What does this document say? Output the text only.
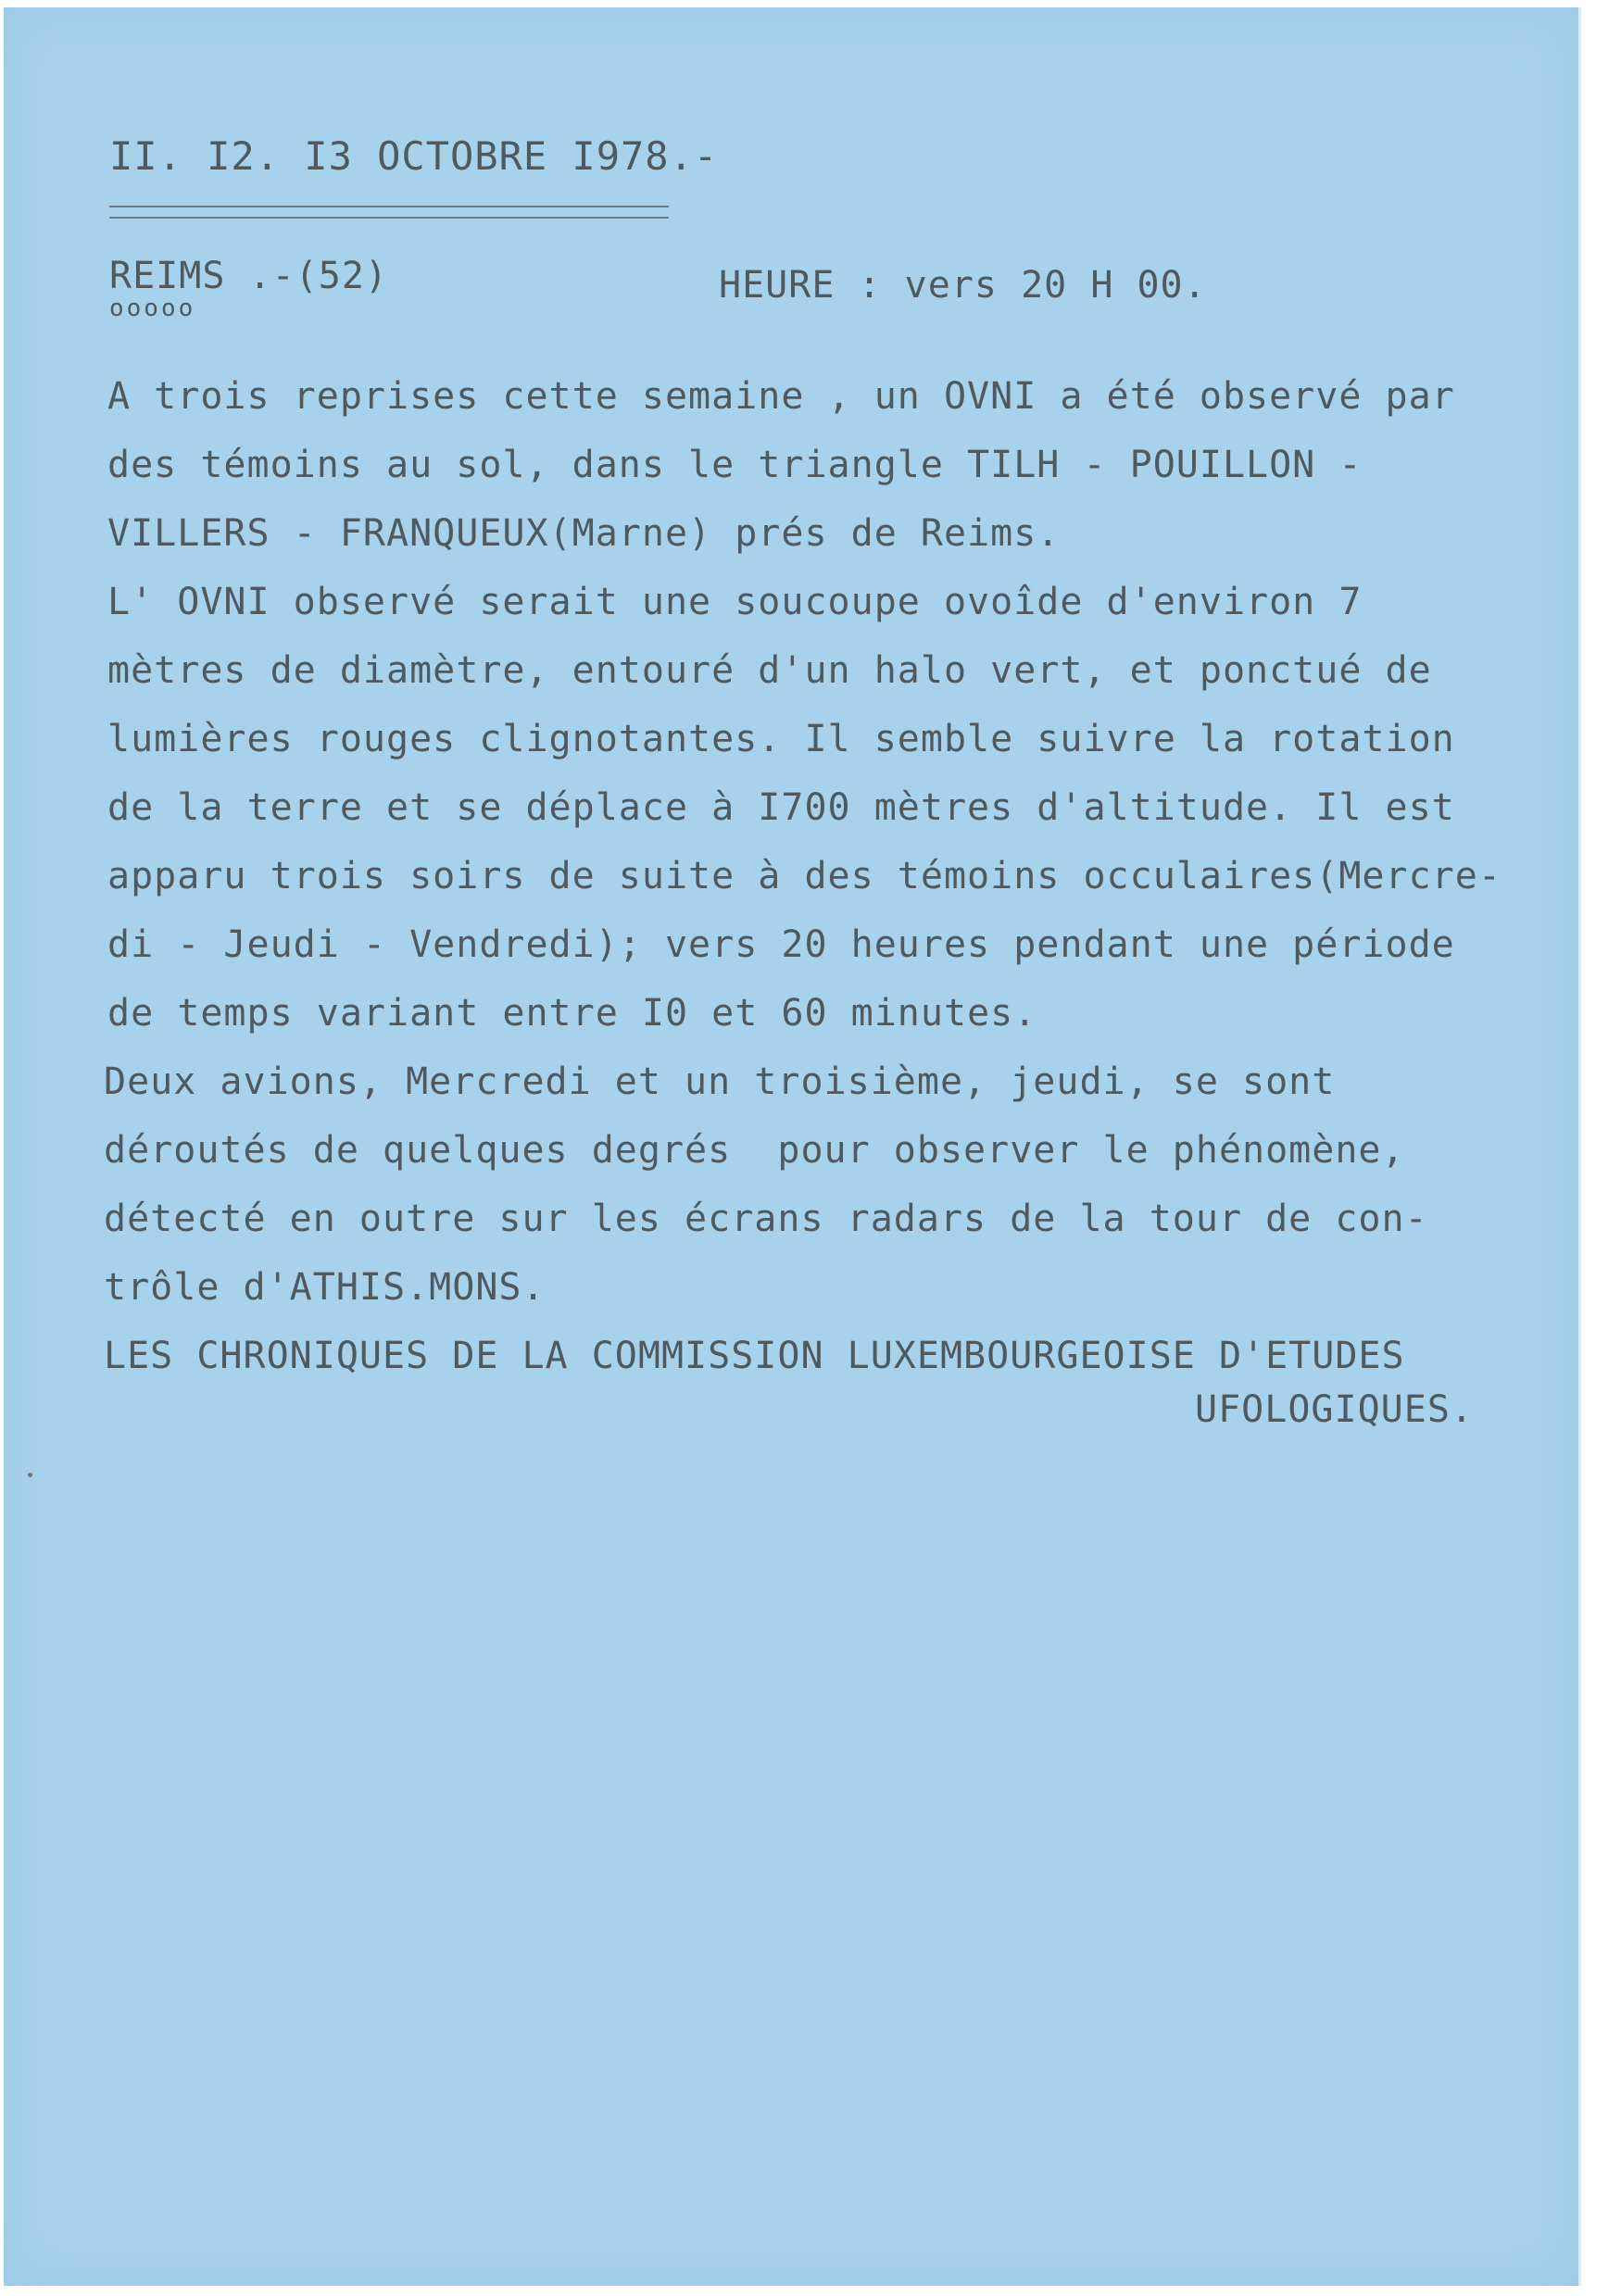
II. I2. I3 OCTOBRE I978.-
REIMS .-(52)
ooooo
HEURE : vers 20 H 00.
A trois reprises cette semaine , un OVNI a été observé par
des témoins au sol, dans le triangle TILH - POUILLON -
VILLERS - FRANQUEUX(Marne) prés de Reims.
L' OVNI observé serait une soucoupe ovoîde d'environ 7
mètres de diamètre, entouré d'un halo vert, et ponctué de
lumières rouges clignotantes. Il semble suivre la rotation
de la terre et se déplace à I700 mètres d'altitude. Il est
apparu trois soirs de suite à des témoins occulaires(Mercre-
di - Jeudi - Vendredi); vers 20 heures pendant une période
de temps variant entre I0 et 60 minutes.
Deux avions, Mercredi et un troisième, jeudi, se sont
déroutés de quelques degrés  pour observer le phénomène,
détecté en outre sur les écrans radars de la tour de con-
trôle d'ATHIS.MONS.
LES CHRONIQUES DE LA COMMISSION LUXEMBOURGEOISE D'ETUDES
UFOLOGIQUES.
